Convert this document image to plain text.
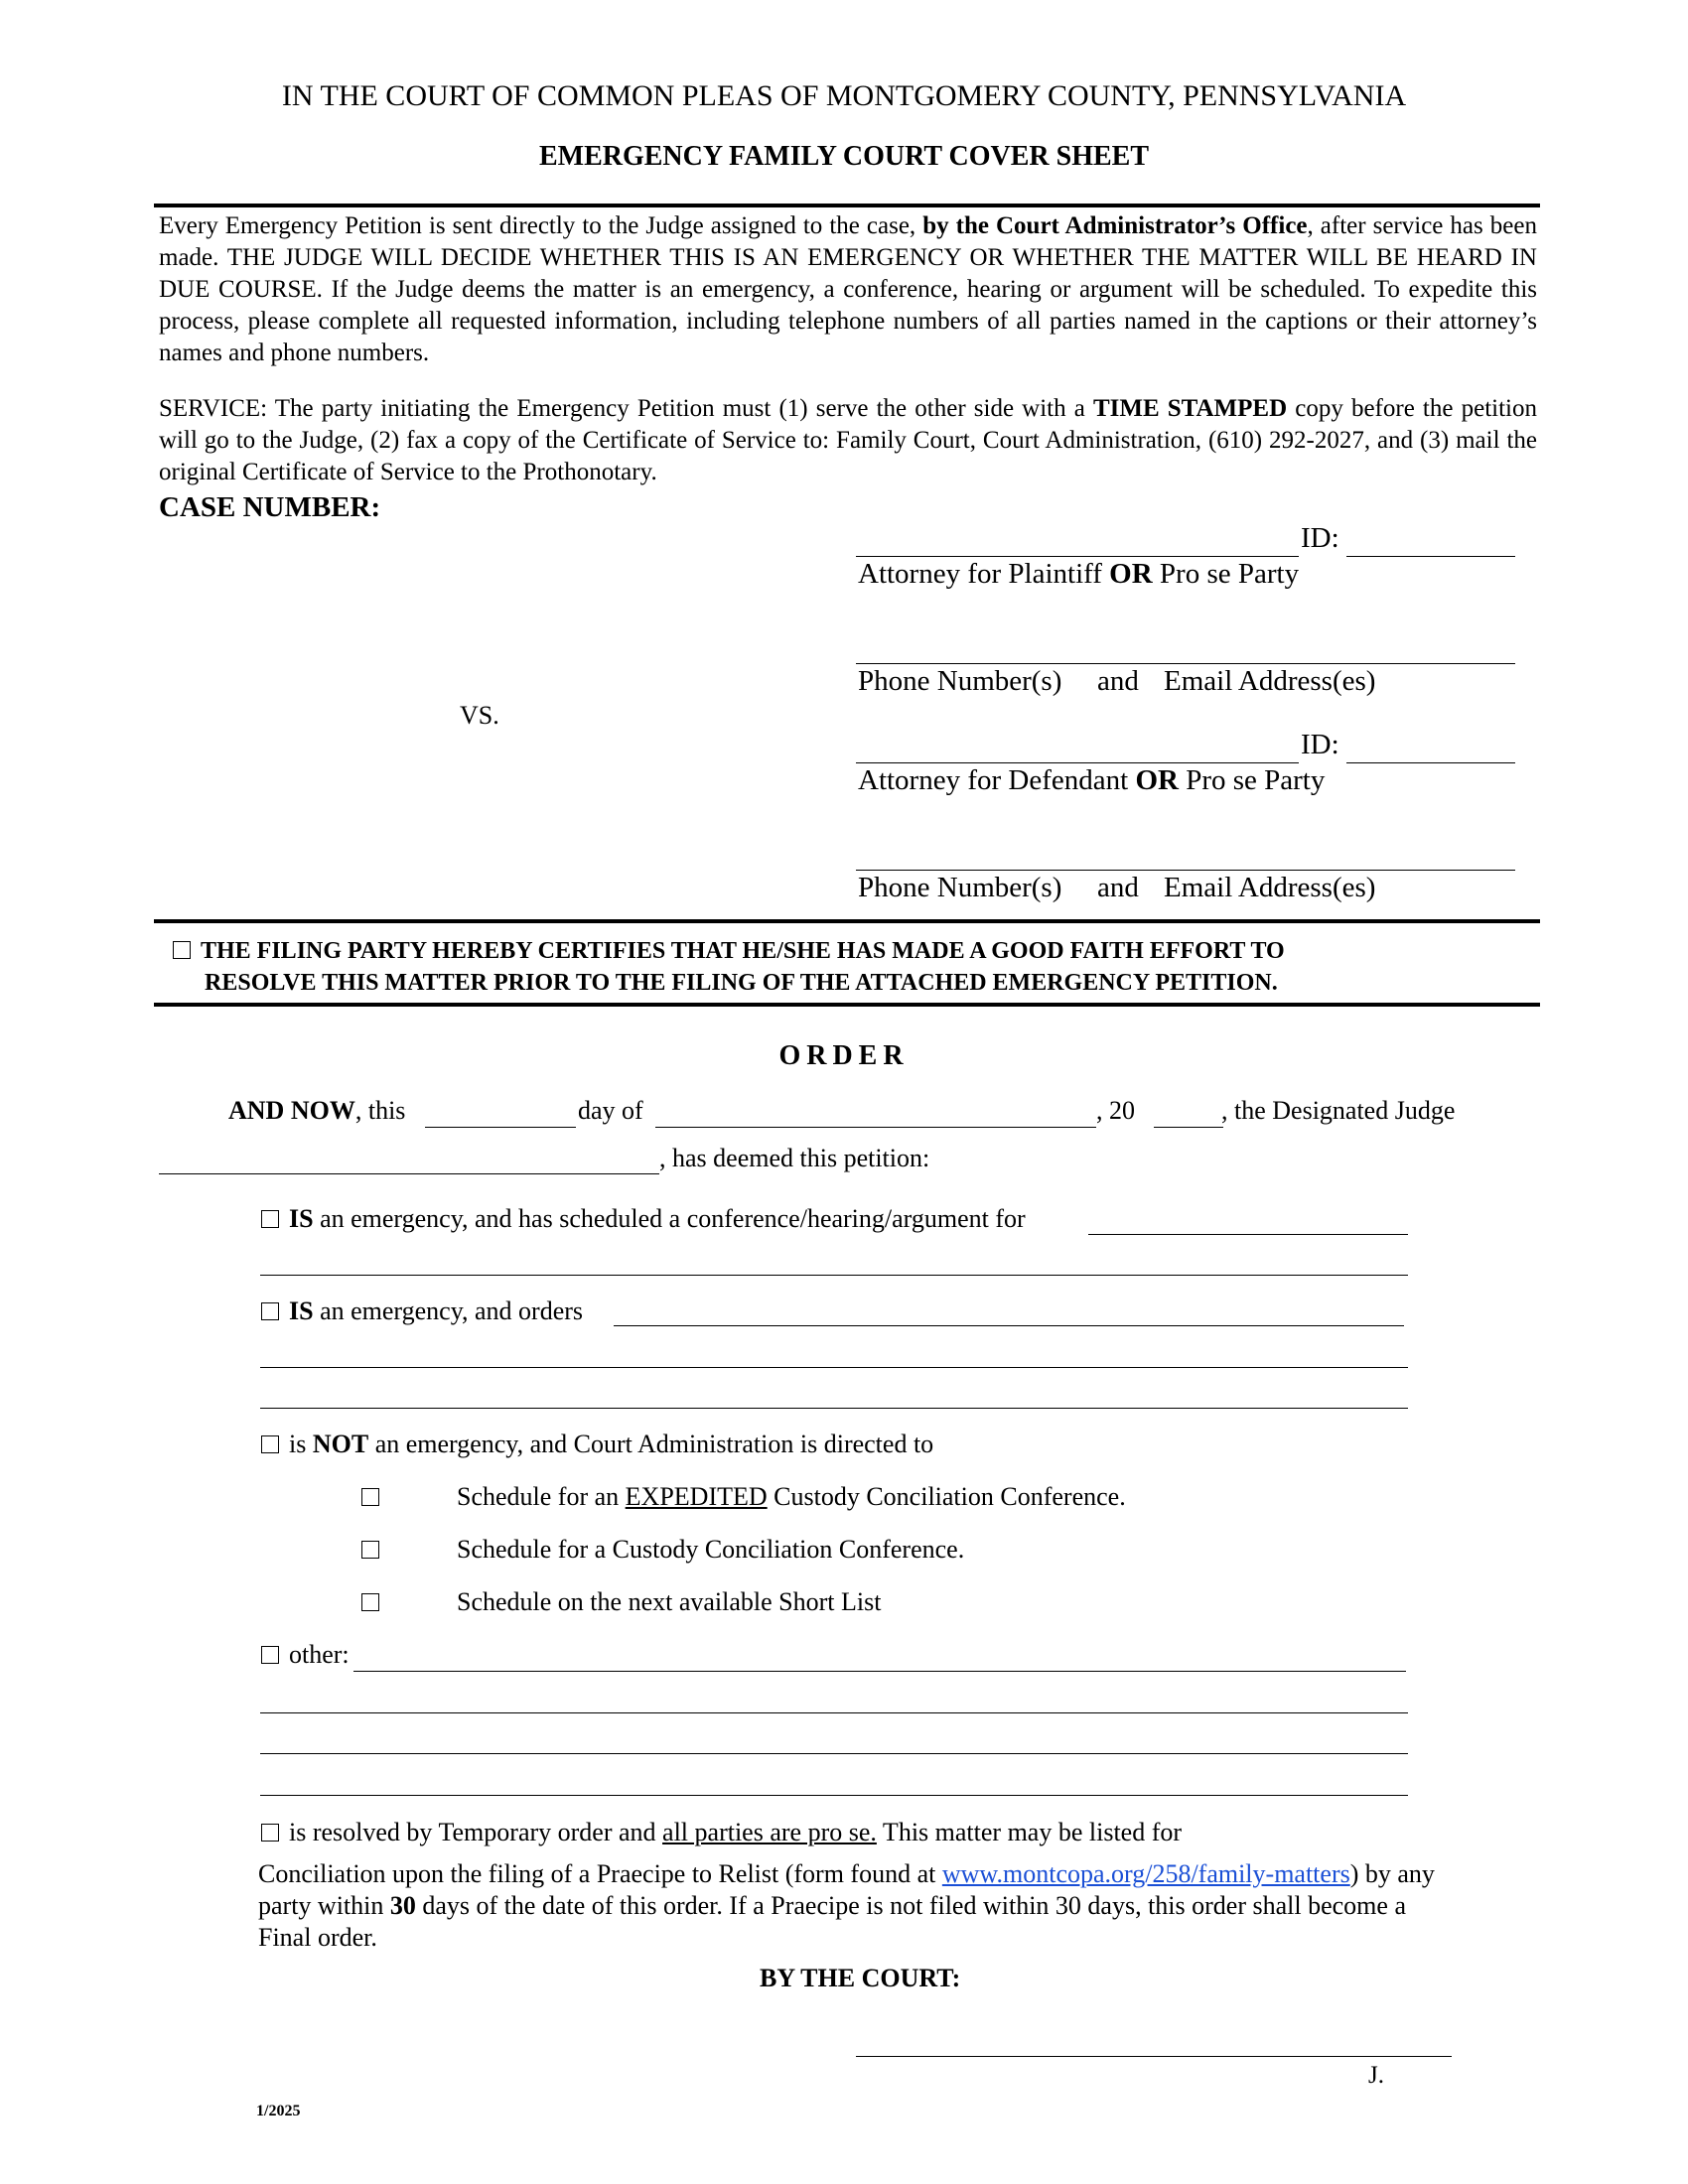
IN THE COURT OF COMMON PLEAS OF MONTGOMERY COUNTY, PENNSYLVANIA
EMERGENCY FAMILY COURT COVER SHEET
Every Emergency Petition is sent directly to the Judge assigned to the case, by the Court Administrator’s Office, after service has been made. THE JUDGE WILL DECIDE WHETHER THIS IS AN EMERGENCY OR WHETHER THE MATTER WILL BE HEARD IN DUE COURSE. If the Judge deems the matter is an emergency, a conference, hearing or argument will be scheduled. To expedite this process, please complete all requested information, including telephone numbers of all parties named in the captions or their attorney’s names and phone numbers.
SERVICE: The party initiating the Emergency Petition must (1) serve the other side with a TIME STAMPED copy before the petition will go to the Judge, (2) fax a copy of the Certificate of Service to: Family Court, Court Administration, (610) 292-2027, and (3) mail the original Certificate of Service to the Prothonotary.
CASE NUMBER:
ID:
Attorney for Plaintiff OR Pro se Party
Phone Number(s) and Email Address(es)
VS.
ID:
Attorney for Defendant OR Pro se Party
Phone Number(s) and Email Address(es)
THE FILING PARTY HEREBY CERTIFIES THAT HE/SHE HAS MADE A GOOD FAITH EFFORT TO
RESOLVE THIS MATTER PRIOR TO THE FILING OF THE ATTACHED EMERGENCY PETITION.
ORDER
AND NOW, this	day of	, 20	, the Designated Judge
, has deemed this petition:
IS an emergency, and has scheduled a conference/hearing/argument for
IS an emergency, and orders
is NOT an emergency, and Court Administration is directed to
Schedule for an EXPEDITED Custody Conciliation Conference.
Schedule for a Custody Conciliation Conference.
Schedule on the next available Short List
other:
is resolved by Temporary order and all parties are pro se. This matter may be listed for
Conciliation upon the filing of a Praecipe to Relist (form found at www.montcopa.org/258/family-matters) by any
party within 30 days of the date of this order. If a Praecipe is not filed within 30 days, this order shall become a
Final order.
BY THE COURT:
J.
1/2025
